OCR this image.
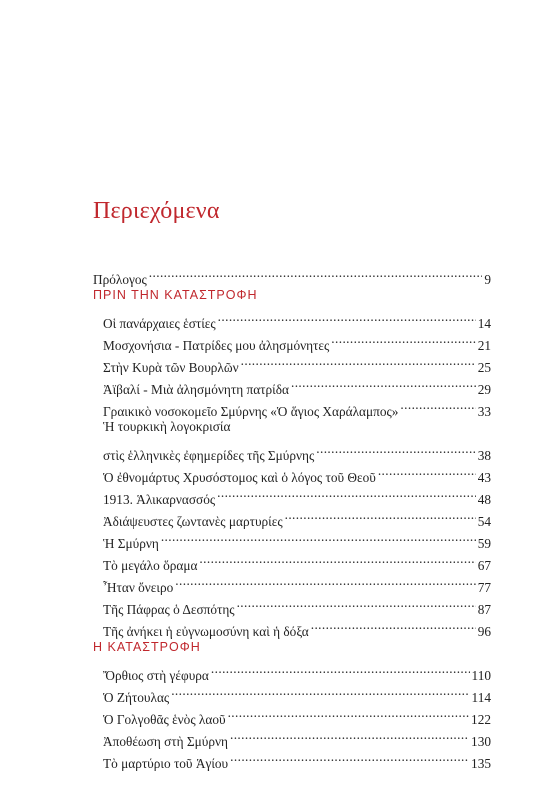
Περιεχόμενα
Πρόλογος .....	9
ΠΡΙΝ ΤΗΝ ΚΑΤΑΣΤΡΟΦΗ
Οἱ πανάρχαιες ἑστίες .....	14
Μοσχονήσια - Πατρίδες μου ἀλησμόνητες .....	21
Στὴν Κυρὰ τῶν Βουρλῶν .....	25
Ἀϊβαλί - Μιὰ ἀλησμόνητη πατρίδα .....	29
Γραικικὸ νοσοκομεῖο Σμύρνης «Ὁ ἅγιος Χαράλαμπος» .....	33
Ἡ τουρκικὴ λογοκρισία
στὶς ἑλληνικὲς ἐφημερίδες τῆς Σμύρνης .....	38
Ὁ ἐθνομάρτυς Χρυσόστομος καὶ ὁ λόγος τοῦ Θεοῦ .....	43
1913. Ἁλικαρνασσός .....	48
Ἀδιάψευστες ζωντανὲς μαρτυρίες .....	54
Ἡ Σμύρνη .....	59
Τὸ μεγάλο ὅραμα .....	67
Ἦταν ὄνειρο .....	77
Τῆς Πάφρας ὁ Δεσπότης .....	87
Τῆς ἀνήκει ἡ εὐγνωμοσύνη καὶ ἡ δόξα .....	96
Η ΚΑΤΑΣΤΡΟΦΗ
Ὄρθιος στὴ γέφυρα .....	110
Ὁ Ζήτουλας .....	114
Ὁ Γολγοθᾶς ἑνὸς λαοῦ .....	122
Ἀποθέωση στὴ Σμύρνη .....	130
Τὸ μαρτύριο τοῦ Ἁγίου .....	135
